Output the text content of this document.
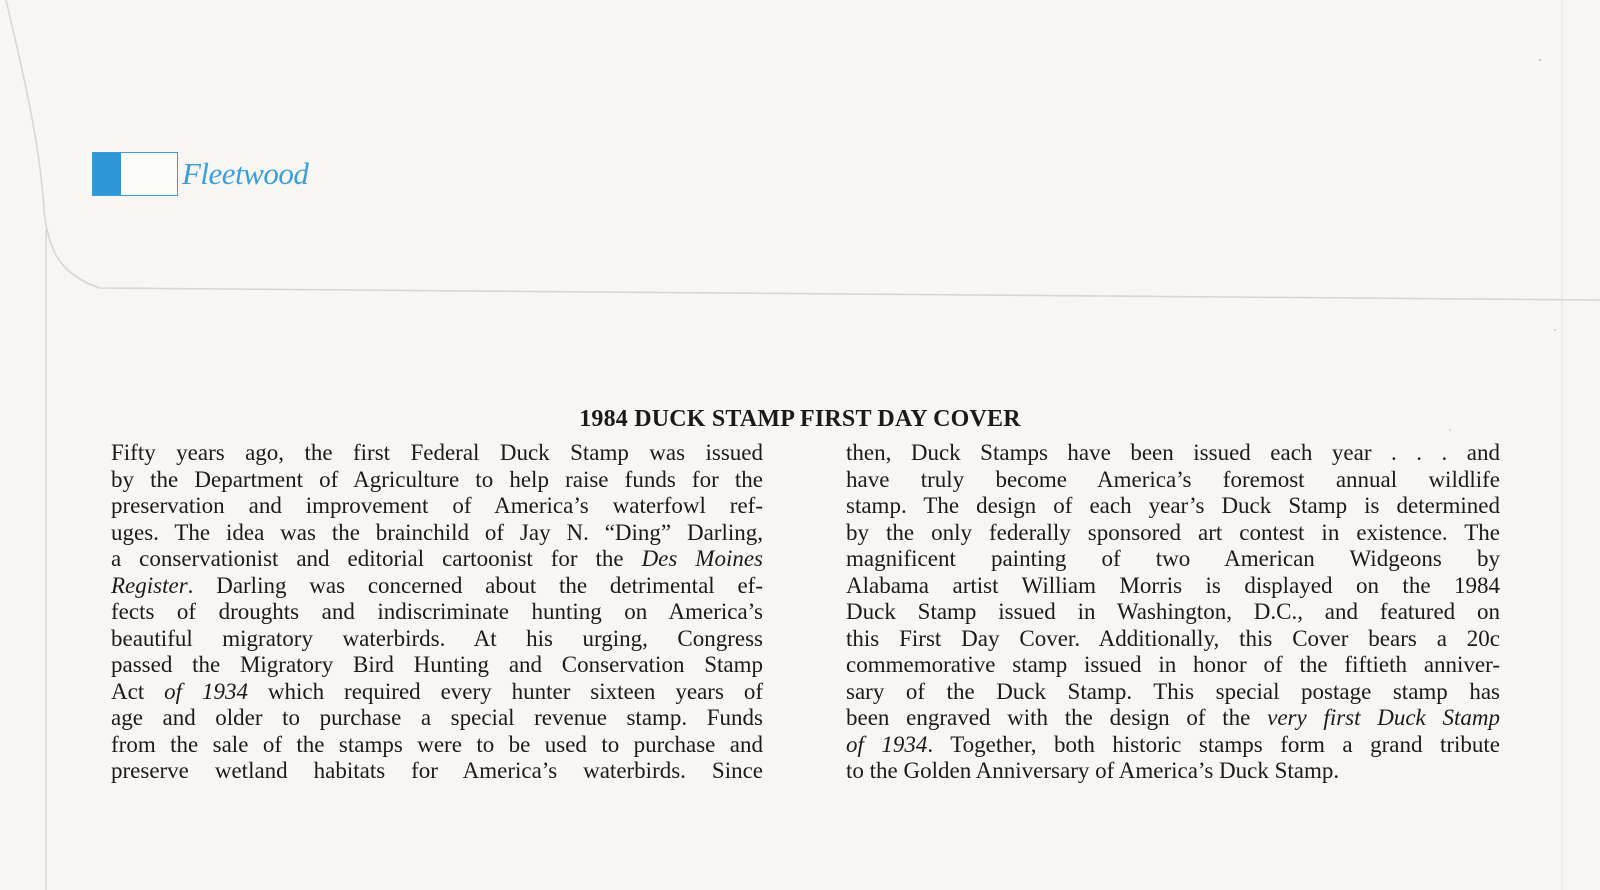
Fleetwood
1984 DUCK STAMP FIRST DAY COVER
Fifty years ago, the first Federal Duck Stamp was issued
by the Department of Agriculture to help raise funds for the
preservation and improvement of America’s waterfowl ref-
uges. The idea was the brainchild of Jay N. “Ding” Darling,
a conservationist and editorial cartoonist for the Des Moines
Register. Darling was concerned about the detrimental ef-
fects of droughts and indiscriminate hunting on America’s
beautiful migratory waterbirds. At his urging, Congress
passed the Migratory Bird Hunting and Conservation Stamp
Act of 1934 which required every hunter sixteen years of
age and older to purchase a special revenue stamp. Funds
from the sale of the stamps were to be used to purchase and
preserve wetland habitats for America’s waterbirds. Since
then, Duck Stamps have been issued each year . . . and
have truly become America’s foremost annual wildlife
stamp. The design of each year’s Duck Stamp is determined
by the only federally sponsored art contest in existence. The
magnificent painting of two American Widgeons by
Alabama artist William Morris is displayed on the 1984
Duck Stamp issued in Washington, D.C., and featured on
this First Day Cover. Additionally, this Cover bears a 20c
commemorative stamp issued in honor of the fiftieth anniver-
sary of the Duck Stamp. This special postage stamp has
been engraved with the design of the very first Duck Stamp
of 1934. Together, both historic stamps form a grand tribute
to the Golden Anniversary of America’s Duck Stamp.
